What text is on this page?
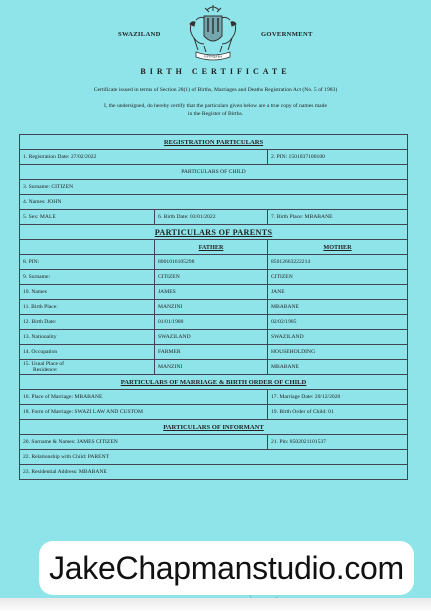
SIYINQABA
SWAZILAND	GOVERNMENT
BIRTH CERTIFICATE
Certificate issued in terms of Section 28(1) of Births, Marriages and Deaths Registration Act (No. 5 of 1983)
I, the undersigned, do hereby certify that the particulars given below are a true copy of names made
in the Register of Births.
REGISTRATION PARTICULARS		
1. Registration Date: 27/02/2022		2. PIN: 1501037100100
PARTICULARS OF CHILD		
3. Surname: CITIZEN		
4. Names: JOHN		
5. Sex: MALE	6. Birth Date: 03/01/2022	7. Birth Place: MBABANE
PARTICULARS OF PARENTS		
	FATHER	MOTHER
8. PIN:	8001016105298	85012663222214
9. Surname:	CITIZEN	CITIZEN
10. Names	JAMES	JANE
11. Birth Place:	MANZINI	MBABANE
12. Birth Date:	01/01/1980	02/02/1985
13. Nationality	SWAZILAND	SWAZILAND
14. Occupation	FARMER	HOUSEHOLDING

15. Usual Place of
Residence:	MANZINI	MBABANE
PARTICULARS OF MARRIAGE & BIRTH ORDER OF CHILD		
16. Place of Marriage: MBABANE		17. Marriage Date: 20/12/2020
18. Form of Marriage: SWAZI LAW AND CUSTOM		19. Birth Order of Child: 01
PARTICULARS OF INFORMANT		
20. Surname & Names: JAMES CITIZEN		21. Pin: 8502021101537
22. Relationship with Child: PARENT		
23. Residential Address: MBABANE		
JakeChapmanstudio.com
